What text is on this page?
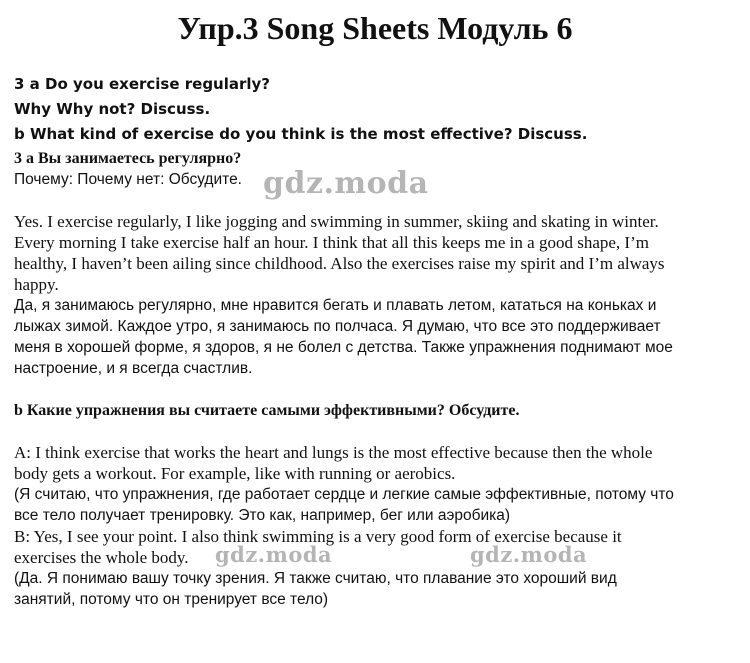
Упр.3 Song Sheets Модуль 6
3 a Do you exercise regularly?
Why Why not? Discuss.
b What kind of exercise do you think is the most effective? Discuss.
3 а Вы занимаетесь регулярно?
Почему: Почему нет: Обсудите.
Yes. I exercise regularly, I like jogging and swimming in summer, skiing and skating in winter.
Every morning I take exercise half an hour. I think that all this keeps me in a good shape, I’m
healthy, I haven’t been ailing since childhood. Also the exercises raise my spirit and I’m always
happy.
Да, я занимаюсь регулярно, мне нравится бегать и плавать летом, кататься на коньках и
лыжах зимой. Каждое утро, я занимаюсь по полчаса. Я думаю, что все это поддерживает
меня в хорошей форме, я здоров, я не болел с детства. Также упражнения поднимают мое
настроение, и я всегда счастлив.
b Какие упражнения вы считаете самыми эффективными? Обсудите.
A: I think exercise that works the heart and lungs is the most effective because then the whole
body gets a workout. For example, like with running or aerobics.
(Я считаю, что упражнения, где работает сердце и легкие самые эффективные, потому что
все тело получает тренировку. Это как, например, бег или аэробика)
B: Yes, I see your point. I also think swimming is a very good form of exercise because it
exercises the whole body.
(Да. Я понимаю вашу точку зрения. Я также считаю, что плавание это хороший вид
занятий, потому что он тренирует все тело)
gdz.moda
gdz.moda	gdz.moda
